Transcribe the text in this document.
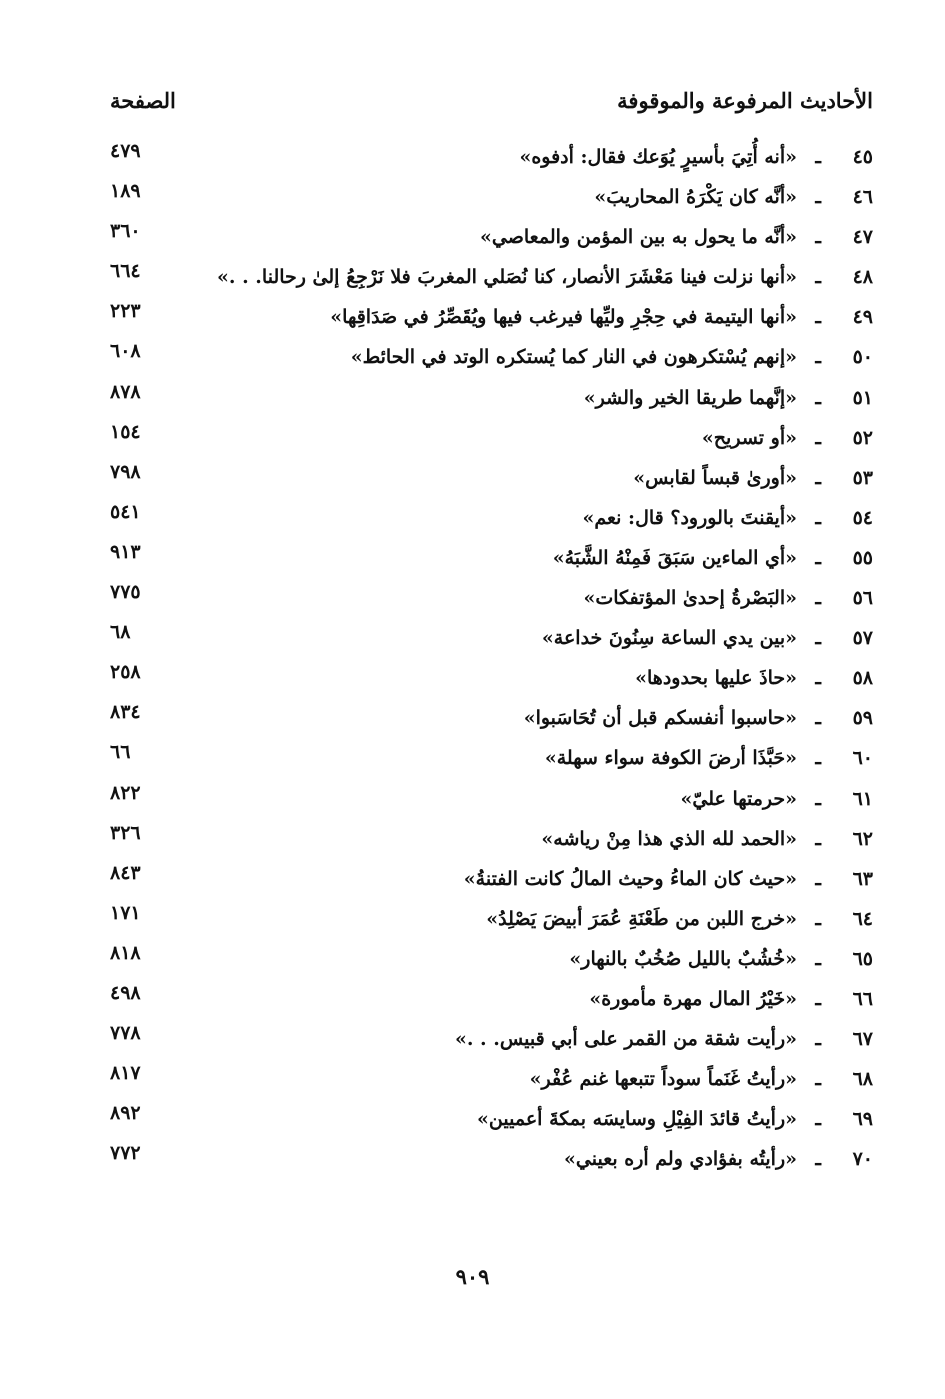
الأحاديث المرفوعة والموقوفة
الصفحة
٤٥
ـ
«أنه أُتِيَ بأسيرٍ يُوَعك فقال: أدفوه»
٤٧٩
٤٦
ـ
«أنَّه كان يَكْرَهُ المحاريبَ»
١٨٩
٤٧
ـ
«أنَّه ما يحول به بين المؤمن والمعاصي»
٣٦٠
٤٨
ـ
«أنها نزلت فينا مَعْشَرَ الأنصار، كنا نُصَلي المغربَ فلا نَرْجِعُ إلىٰ رحالنا. . .»
٦٦٤
٤٩
ـ
«أنها اليتيمة في حِجْرِ وليِّها فيرغب فيها ويُقَصِّرُ في صَدَاقِها»
٢٢٣
٥٠
ـ
«إنهم يُسْتكرهون في النار كما يُستكره الوتد في الحائط»
٦٠٨
٥١
ـ
«إنَّهما طريقا الخير والشر»
٨٧٨
٥٢
ـ
«أو تسريح»
١٥٤
٥٣
ـ
«أورىٰ قبساً لقابس»
٧٩٨
٥٤
ـ
«أيقنتَ بالورود؟ قال: نعم»
٥٤١
٥٥
ـ
«أي الماءين سَبَقَ فَمِنْهُ الشَّبَهُ»
٩١٣
٥٦
ـ
«البَصْرةُ إحدىٰ المؤتفكات»
٧٧٥
٥٧
ـ
«بين يدي الساعة سِنُونَ خداعة»
٦٨
٥٨
ـ
«حاذَ عليها بحدودها»
٢٥٨
٥٩
ـ
«حاسبوا أنفسكم قبل أن تُحَاسَبوا»
٨٣٤
٦٠
ـ
«حَبَّذَا أرضَ الكوفة سواء سهلة»
٦٦
٦١
ـ
«حرمتها عليّ»
٨٢٢
٦٢
ـ
«الحمد لله الذي هذا مِنْ رياشه»
٣٢٦
٦٣
ـ
«حيث كان الماءُ وحيث المالُ كانت الفتنةُ»
٨٤٣
٦٤
ـ
«خرج اللبن من طَعْنَةِ عُمَرَ أبيضَ يَصْلِدُ»
١٧١
٦٥
ـ
«خُشُبٌ بالليل صُخُبٌ بالنهار»
٨١٨
٦٦
ـ
«خَيْرُ المال مهرة مأمورة»
٤٩٨
٦٧
ـ
«رأيت شقة من القمر على أبي قبيس. . .»
٧٧٨
٦٨
ـ
«رأيتُ غَنَماً سوداً تتبعها غنم عُفْر»
٨١٧
٦٩
ـ
«رأيتُ قائدَ الفِيْلِ وسايسَه بمكةَ أعميين»
٨٩٢
٧٠
ـ
«رأيتُه بفؤادي ولم أره بعيني»
٧٧٢
٩٠٩
